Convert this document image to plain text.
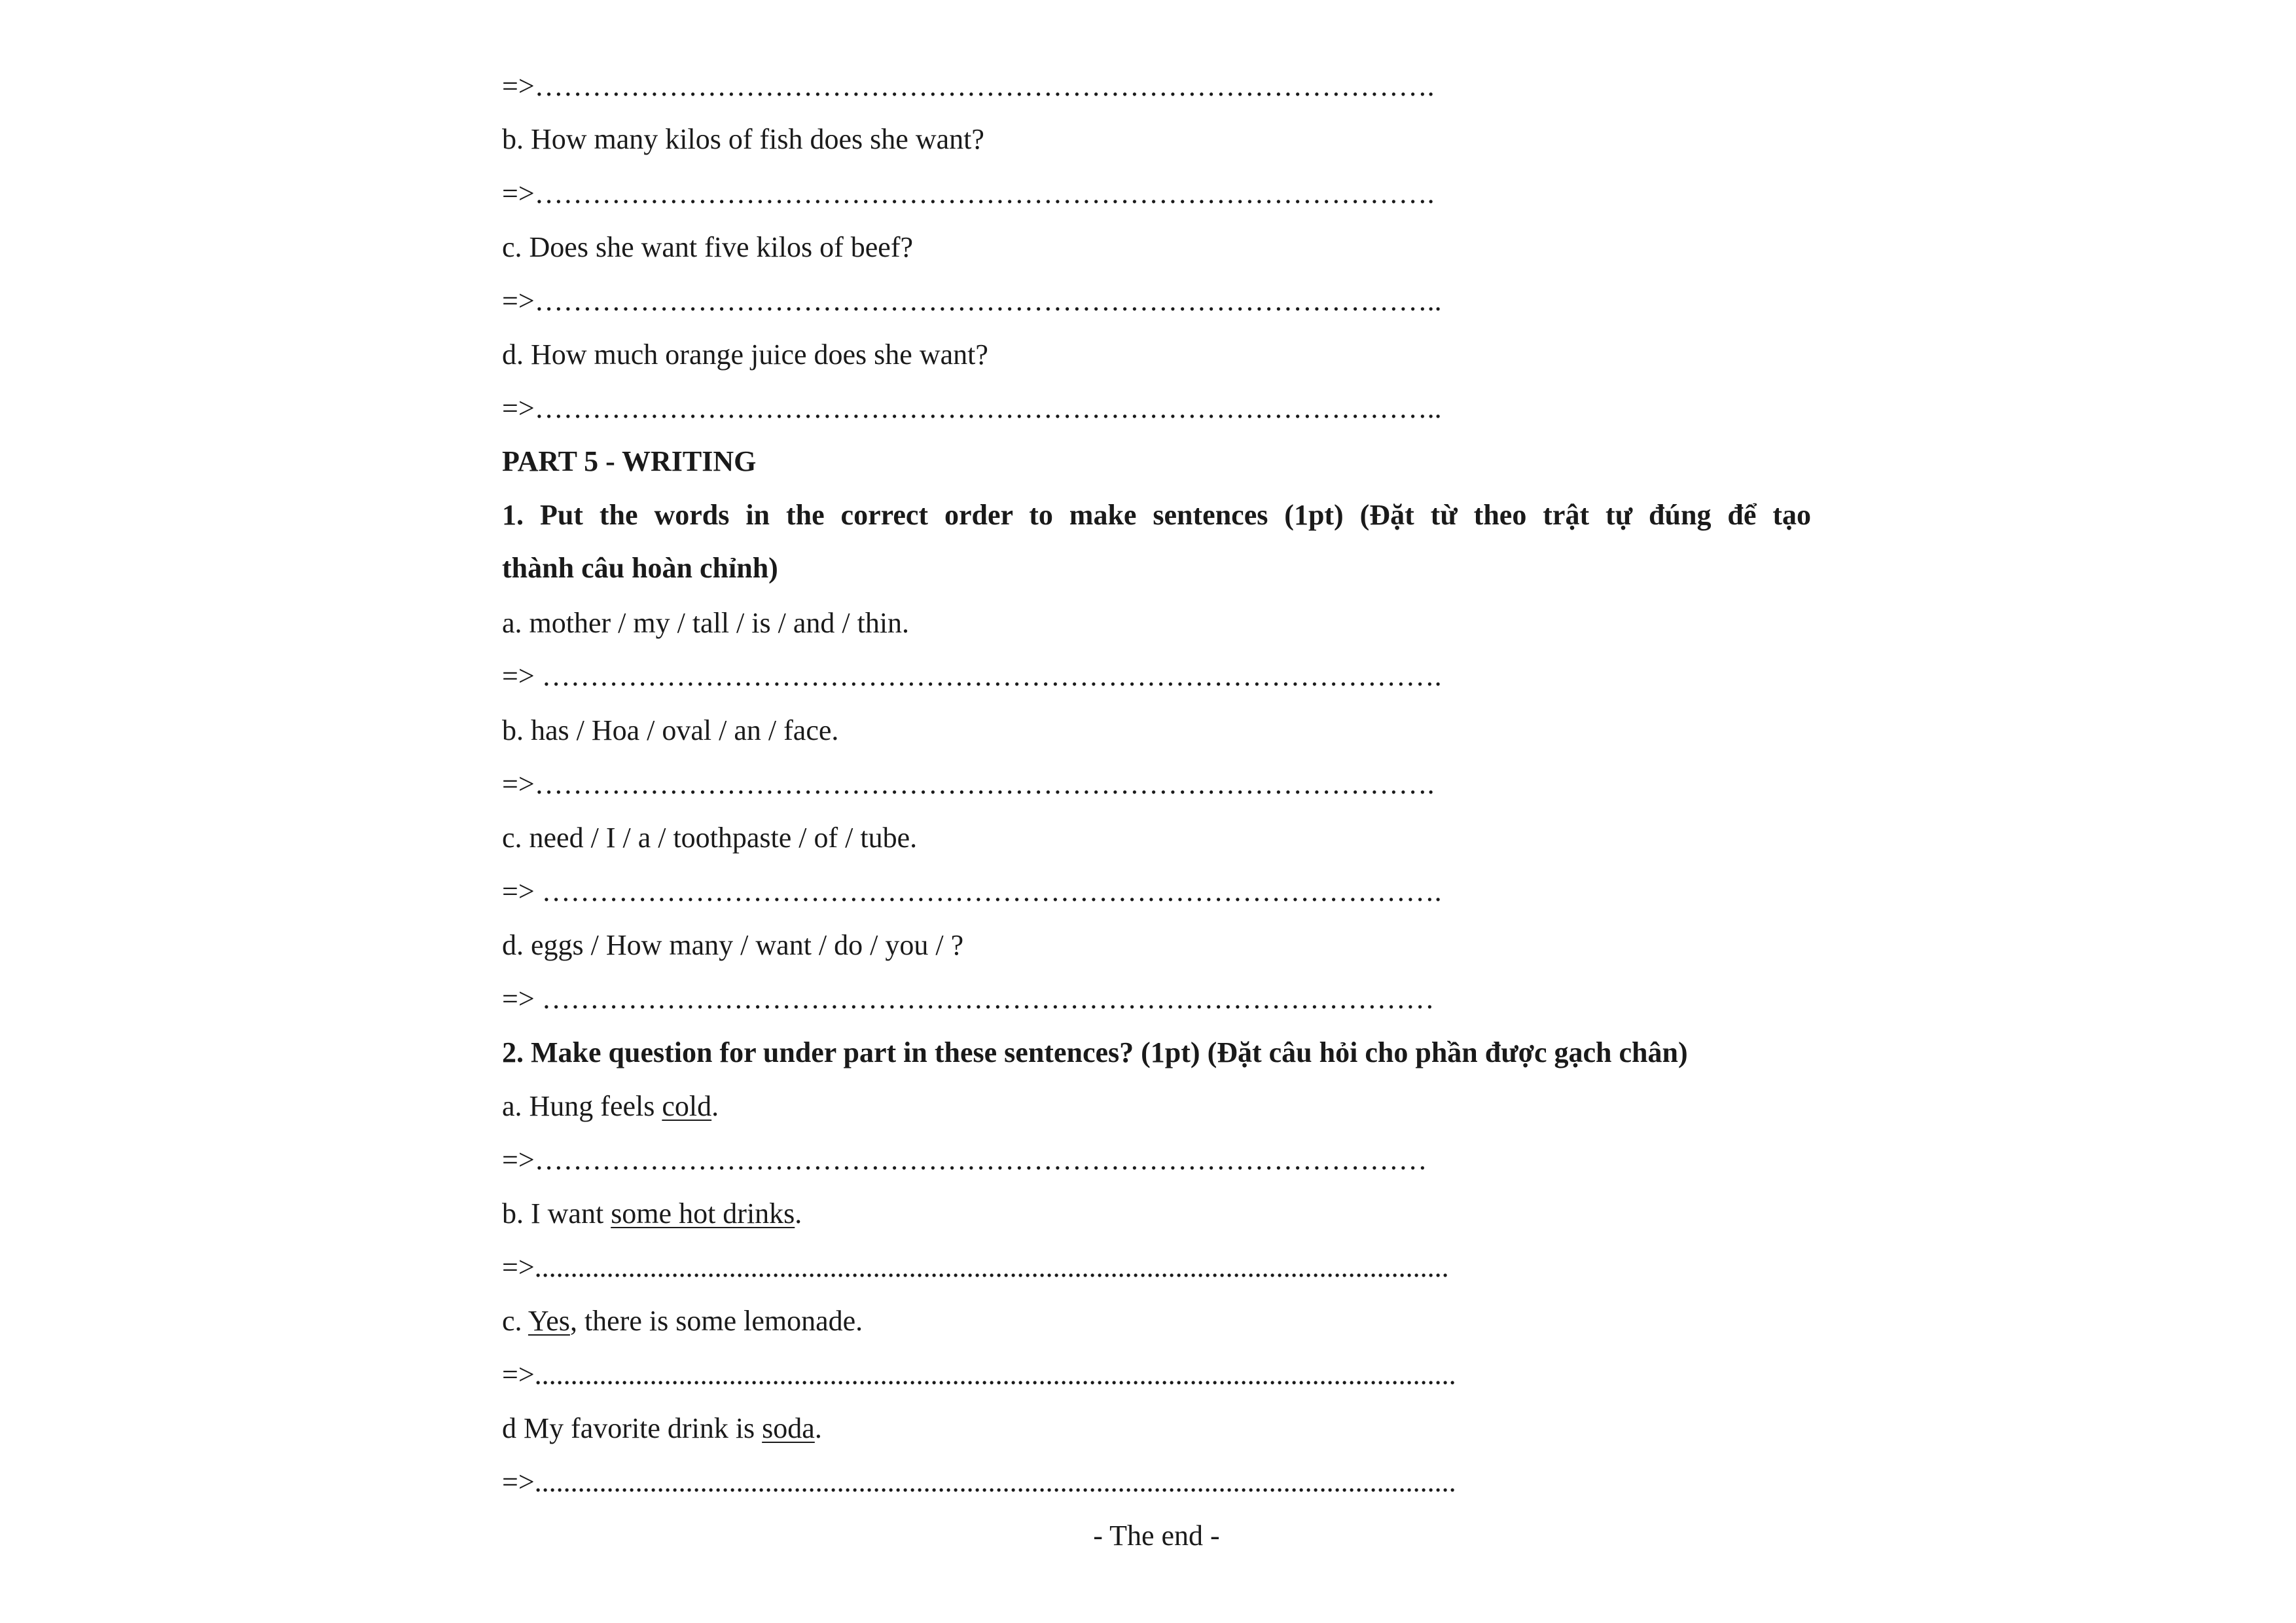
=>………………………………………………………………………………….
b. How many kilos of fish does she want?
=>………………………………………………………………………………….
c. Does she want five kilos of beef?
=>…………………………………………………………………………………..
d. How much orange juice does she want?
=>…………………………………………………………………………………..
PART 5 - WRITING
1. Put the words in the correct order to make sentences (1pt) (Đặt từ theo trật tự đúng để tạo
thành câu hoàn chỉnh)
a. mother / my / tall / is / and / thin.
=> ………………………………………………………………………………….
b. has / Hoa / oval / an / face.
=>………………………………………………………………………………….
c. need / I / a / toothpaste / of / tube.
=> ………………………………………………………………………………….
d. eggs / How many / want / do / you / ?
=> …………………………………………………………………………………
2. Make question for under part in these sentences? (1pt) (Đặt câu hỏi cho phần được gạch chân)
a. Hung feels cold.
=>…………………………………………………………………………………
b. I want some hot drinks.
=>...............................................................................................................................
c. Yes, there is some lemonade.
=>................................................................................................................................
d My favorite drink is soda.
=>................................................................................................................................
- The end -
